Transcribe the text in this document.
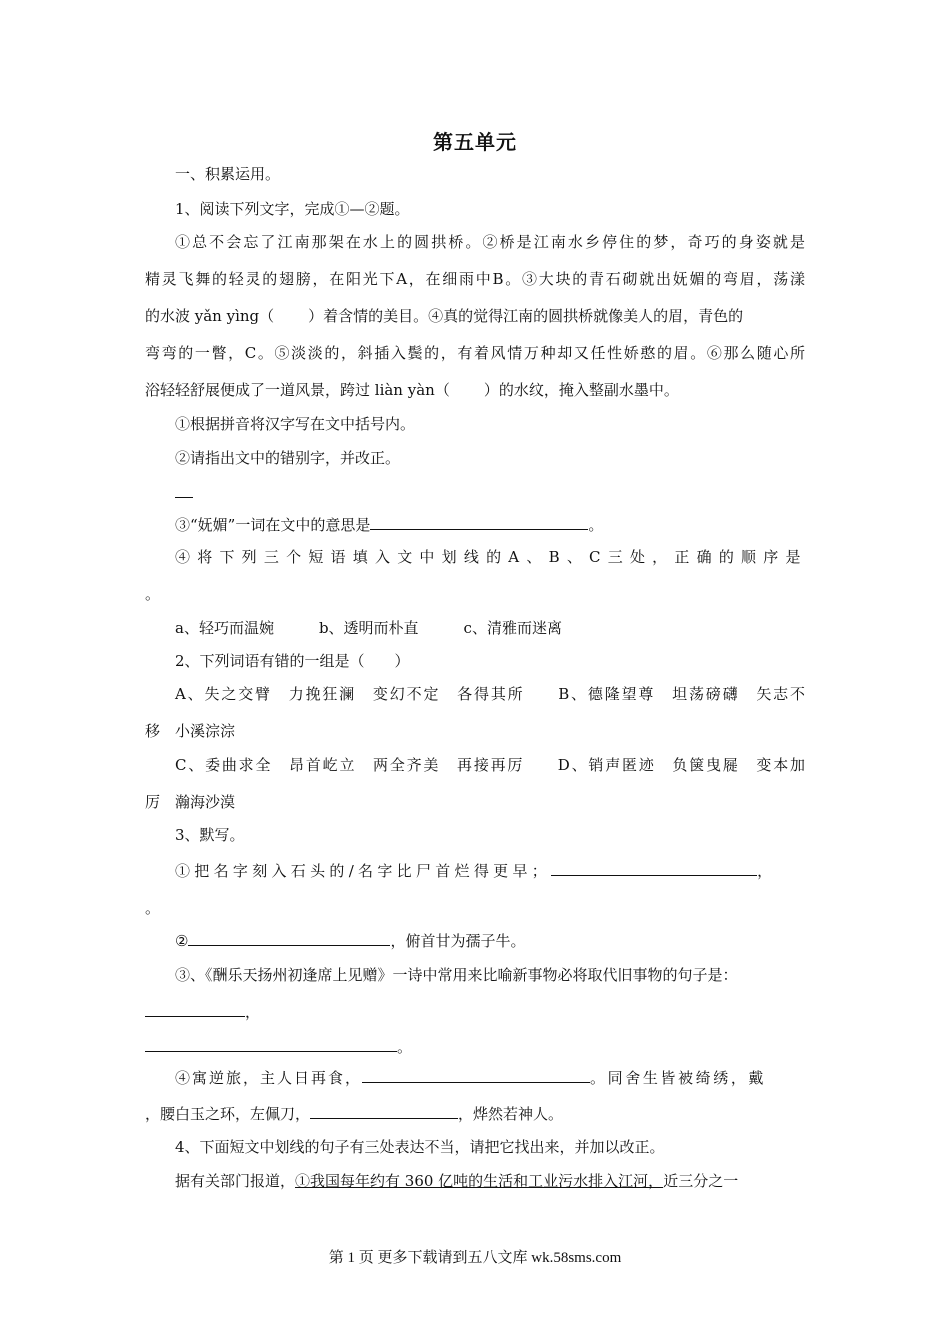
第五单元
一、积累运用。
1、阅读下列文字，完成①—②题。
①总不会忘了江南那架在水上的圆拱桥。②桥是江南水乡停住的梦，奇巧的身姿就是
精灵飞舞的轻灵的翅膀，在阳光下A，在细雨中B。③大块的青石砌就出妩媚的弯眉，荡漾
的水波 yǎn yìng（ ）着含情的美目。④真的觉得江南的圆拱桥就像美人的眉，青色的
弯弯的一瞥，C。⑤淡淡的，斜插入鬓的，有着风情万种却又任性娇憨的眉。⑥那么随心所
浴轻轻舒展便成了一道风景，跨过 liàn yàn（ ）的水纹，掩入整副水墨中。
①根据拼音将汉字写在文中括号内。
②请指出文中的错别字，并改正。
③“妩媚”一词在文中的意思是	。
④将下列三个短语填入文中划线的A、B、C三处，正确的顺序是
。
a、轻巧而温婉　　　b、透明而朴直　　　c、清雅而迷离
2、下列词语有错的一组是（　　）
A、失之交臂　力挽狂澜　变幻不定　各得其所　　B、德隆望尊　坦荡磅礴　矢志不
移　小溪淙淙
C、委曲求全　昂首屹立　两全齐美　再接再厉　　D、销声匿迹　负箧曳屣　变本加
厉　瀚海沙漠
3、默写。
①把名字刻入石头的/名字比尸首烂得更早；	，
。
②	，俯首甘为孺子牛。
③、《酬乐天扬州初逢席上见赠》一诗中常用来比喻新事物必将取代旧事物的句子是：
，
。
④寓逆旅，主人日再食，	。同舍生皆被绮绣，戴
，腰白玉之环，左佩刀，	，烨然若神人。
4、下面短文中划线的句子有三处表达不当，请把它找出来，并加以改正。
据有关部门报道，①我国每年约有 360 亿吨的生活和工业污水排入江河，近三分之一
第 1 页 更多下载请到五八文库 wk.58sms.com
